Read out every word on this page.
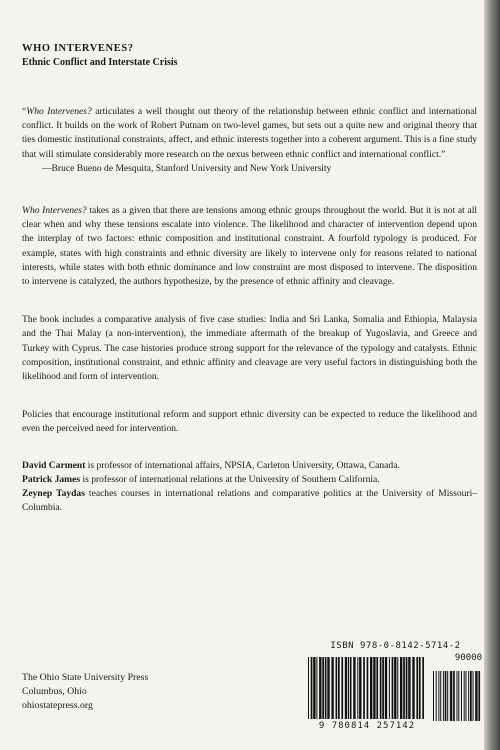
WHO INTERVENES?

Ethnic Conflict and Interstate Crisis

“Who Intervenes? articulates a well thought out theory of the relationship between ethnic conflict and international conflict. It builds on the work of Robert Putnam on two-level games, but sets out a quite new and original theory that ties domestic institutional constraints, affect, and ethnic interests together into a coherent argument. This is a fine study that will stimulate considerably more research on the nexus between ethnic conflict and international conflict.”

—Bruce Bueno de Mesquita, Stanford University and New York University

Who Intervenes? takes as a given that there are tensions among ethnic groups throughout the world. But it is not at all clear when and why these tensions escalate into violence. The likelihood and character of intervention depend upon the interplay of two factors: ethnic composition and institutional constraint. A fourfold typology is produced. For example, states with high constraints and ethnic diversity are likely to intervene only for reasons related to national interests, while states with both ethnic dominance and low constraint are most disposed to intervene. The disposition to intervene is catalyzed, the authors hypothesize, by the presence of ethnic affinity and cleavage.

The book includes a comparative analysis of five case studies: India and Sri Lanka, Somalia and Ethiopia, Malaysia and the Thai Malay (a non-intervention), the immediate aftermath of the breakup of Yugoslavia, and Greece and Turkey with Cyprus. The case histories produce strong support for the relevance of the typology and catalysts. Ethnic composition, institutional constraint, and ethnic affinity and cleavage are very useful factors in distinguishing both the likelihood and form of intervention.

Policies that encourage institutional reform and support ethnic diversity can be expected to reduce the likelihood and even the perceived need for intervention.

David Carment is professor of international affairs, NPSIA, Carleton University, Ottawa, Canada.

Patrick James is professor of international relations at the University of Southern California.

Zeynep Taydas teaches courses in international relations and comparative politics at the University of Missouri–Columbia.

The Ohio State University Press
Columbus, Ohio
ohiostatepress.org
ISBN 978-0-8142-5714-2
90000
9 780814 257142
